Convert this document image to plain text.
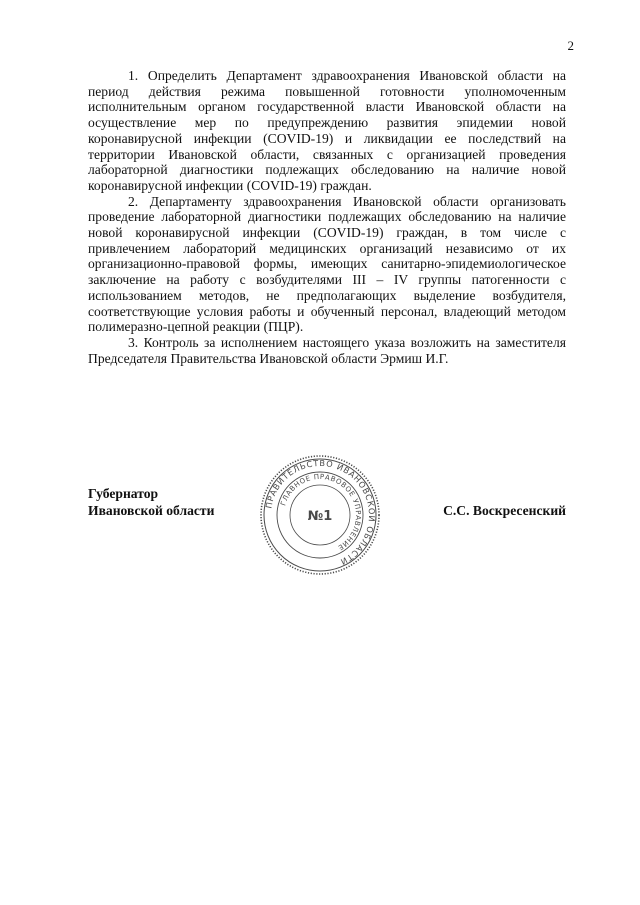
2

1. Определить Департамент здравоохранения Ивановской области на период действия режима повышенной готовности уполномоченным исполнительным органом государственной власти Ивановской области на осуществление мер по предупреждению развития эпидемии новой коронавирусной инфекции (COVID-19) и ликвидации ее последствий на территории Ивановской области, связанных с организацией проведения лабораторной диагностики подлежащих обследованию на наличие новой коронавирусной инфекции (COVID-19) граждан.

2. Департаменту здравоохранения Ивановской области организовать проведение лабораторной диагностики подлежащих обследованию на наличие новой коронавирусной инфекции (COVID-19) граждан, в том числе с привлечением лабораторий медицинских организаций независимо от их организационно-правовой формы, имеющих санитарно-эпидемиологическое заключение на работу с возбудителями III – IV группы патогенности с использованием методов, не предполагающих выделение возбудителя, соответствующие условия работы и обученный персонал, владеющий методом полимеразно-цепной реакции (ПЦР).

3. Контроль за исполнением настоящего указа возложить на заместителя Председателя Правительства Ивановской области Эрмиш И.Г.

Губернатор
Ивановской области	ПРАВИТЕЛЬСТВО ИВАНОВСКОЙ ОБЛАСТИ
ГЛАВНОЕ ПРАВОВОЕ УПРАВЛЕНИЕ
№1	С.С. Воскресенский
